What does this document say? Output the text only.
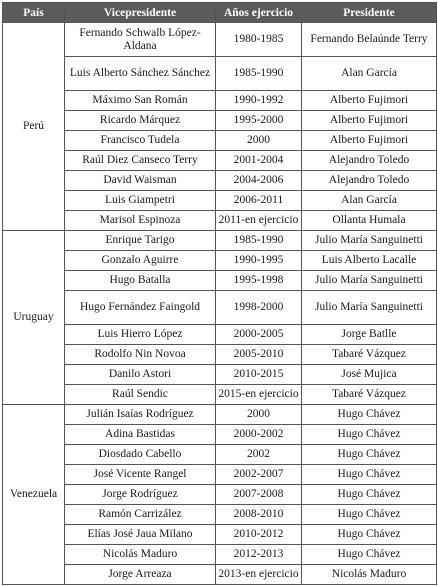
País	Vicepresidente	Años ejercicio	Presidente
Perú	Fernando Schwalb López-Aldana	1980-1985	Fernando Belaúnde Terry
	Luis Alberto Sánchez Sánchez	1985-1990	Alan García
	Máximo San Román	1990-1992	Alberto Fujimori
	Ricardo Márquez	1995-2000	Alberto Fujimori
	Francisco Tudela	2000	Alberto Fujimori
	Raúl Diez Canseco Terry	2001-2004	Alejandro Toledo
	David Waisman	2004-2006	Alejandro Toledo
	Luis Giampetri	2006-2011	Alan García
	Marisol Espinoza	2011-en ejercicio	Ollanta Humala
Uruguay	Enrique Tarigo	1985-1990	Julio María Sanguinetti
	Gonzalo Aguirre	1990-1995	Luis Alberto Lacalle
	Hugo Batalla	1995-1998	Julio María Sanguinetti
	Hugo Fernández Faingold	1998-2000	Julio María Sanguinetti
	Luis Hierro López	2000-2005	Jorge Batlle
	Rodolfo Nin Novoa	2005-2010	Tabaré Vázquez
	Danilo Astori	2010-2015	José Mujica
	Raúl Sendic	2015-en ejercicio	Tabaré Vázquez
Venezuela	Julián Isaías Rodríguez	2000	Hugo Chávez
	Adina Bastidas	2000-2002	Hugo Chávez
	Diosdado Cabello	2002	Hugo Chávez
	José Vicente Rangel	2002-2007	Hugo Chávez
	Jorge Rodríguez	2007-2008	Hugo Chávez
	Ramón Carrizález	2008-2010	Hugo Chávez
	Elías José Jaua Milano	2010-2012	Hugo Chávez
	Nicolás Maduro	2012-2013	Hugo Chávez
	Jorge Arreaza	2013-en ejercicio	Nicolás Maduro
